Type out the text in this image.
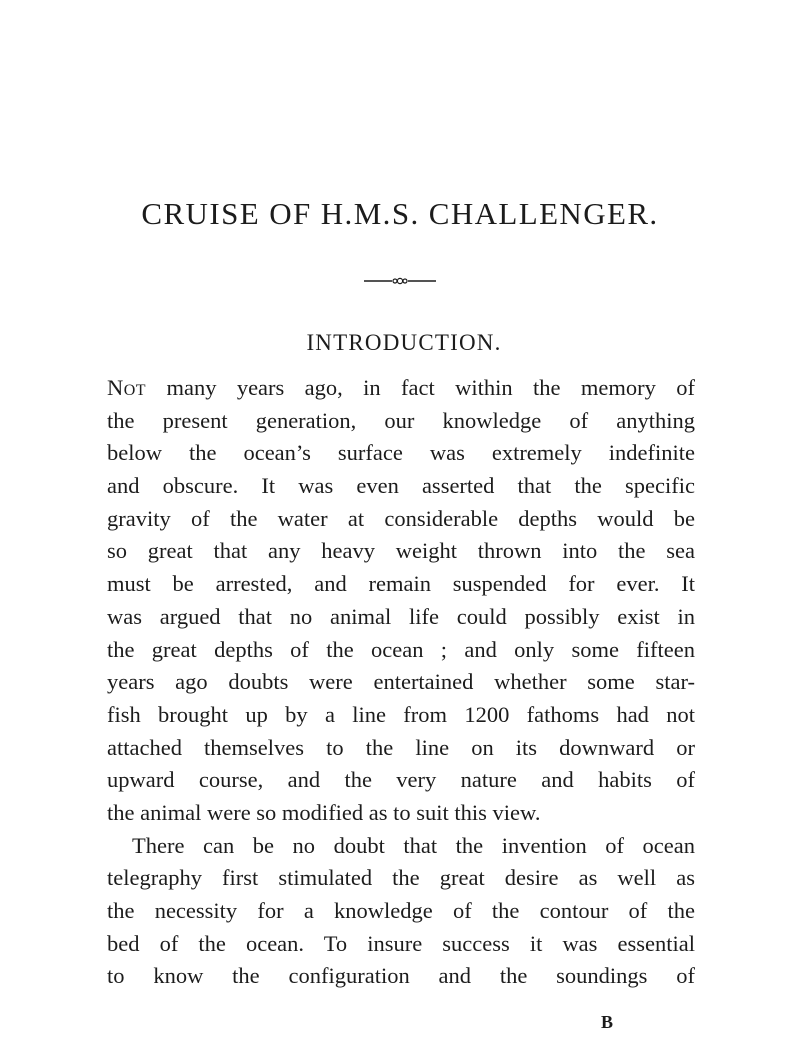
CRUISE OF H.M.S. CHALLENGER.
INTRODUCTION.
Not many years ago, in fact within the memory of
the present generation, our knowledge of anything
below the ocean’s surface was extremely indefinite
and obscure. It was even asserted that the specific
gravity of the water at considerable depths would be
so great that any heavy weight thrown into the sea
must be arrested, and remain suspended for ever. It
was argued that no animal life could possibly exist in
the great depths of the ocean ; and only some fifteen
years ago doubts were entertained whether some star-
fish brought up by a line from 1200 fathoms had not
attached themselves to the line on its downward or
upward course, and the very nature and habits of
the animal were so modified as to suit this view.
There can be no doubt that the invention of ocean
telegraphy first stimulated the great desire as well as
the necessity for a knowledge of the contour of the
bed of the ocean. To insure success it was essential
to know the configuration and the soundings of
B
